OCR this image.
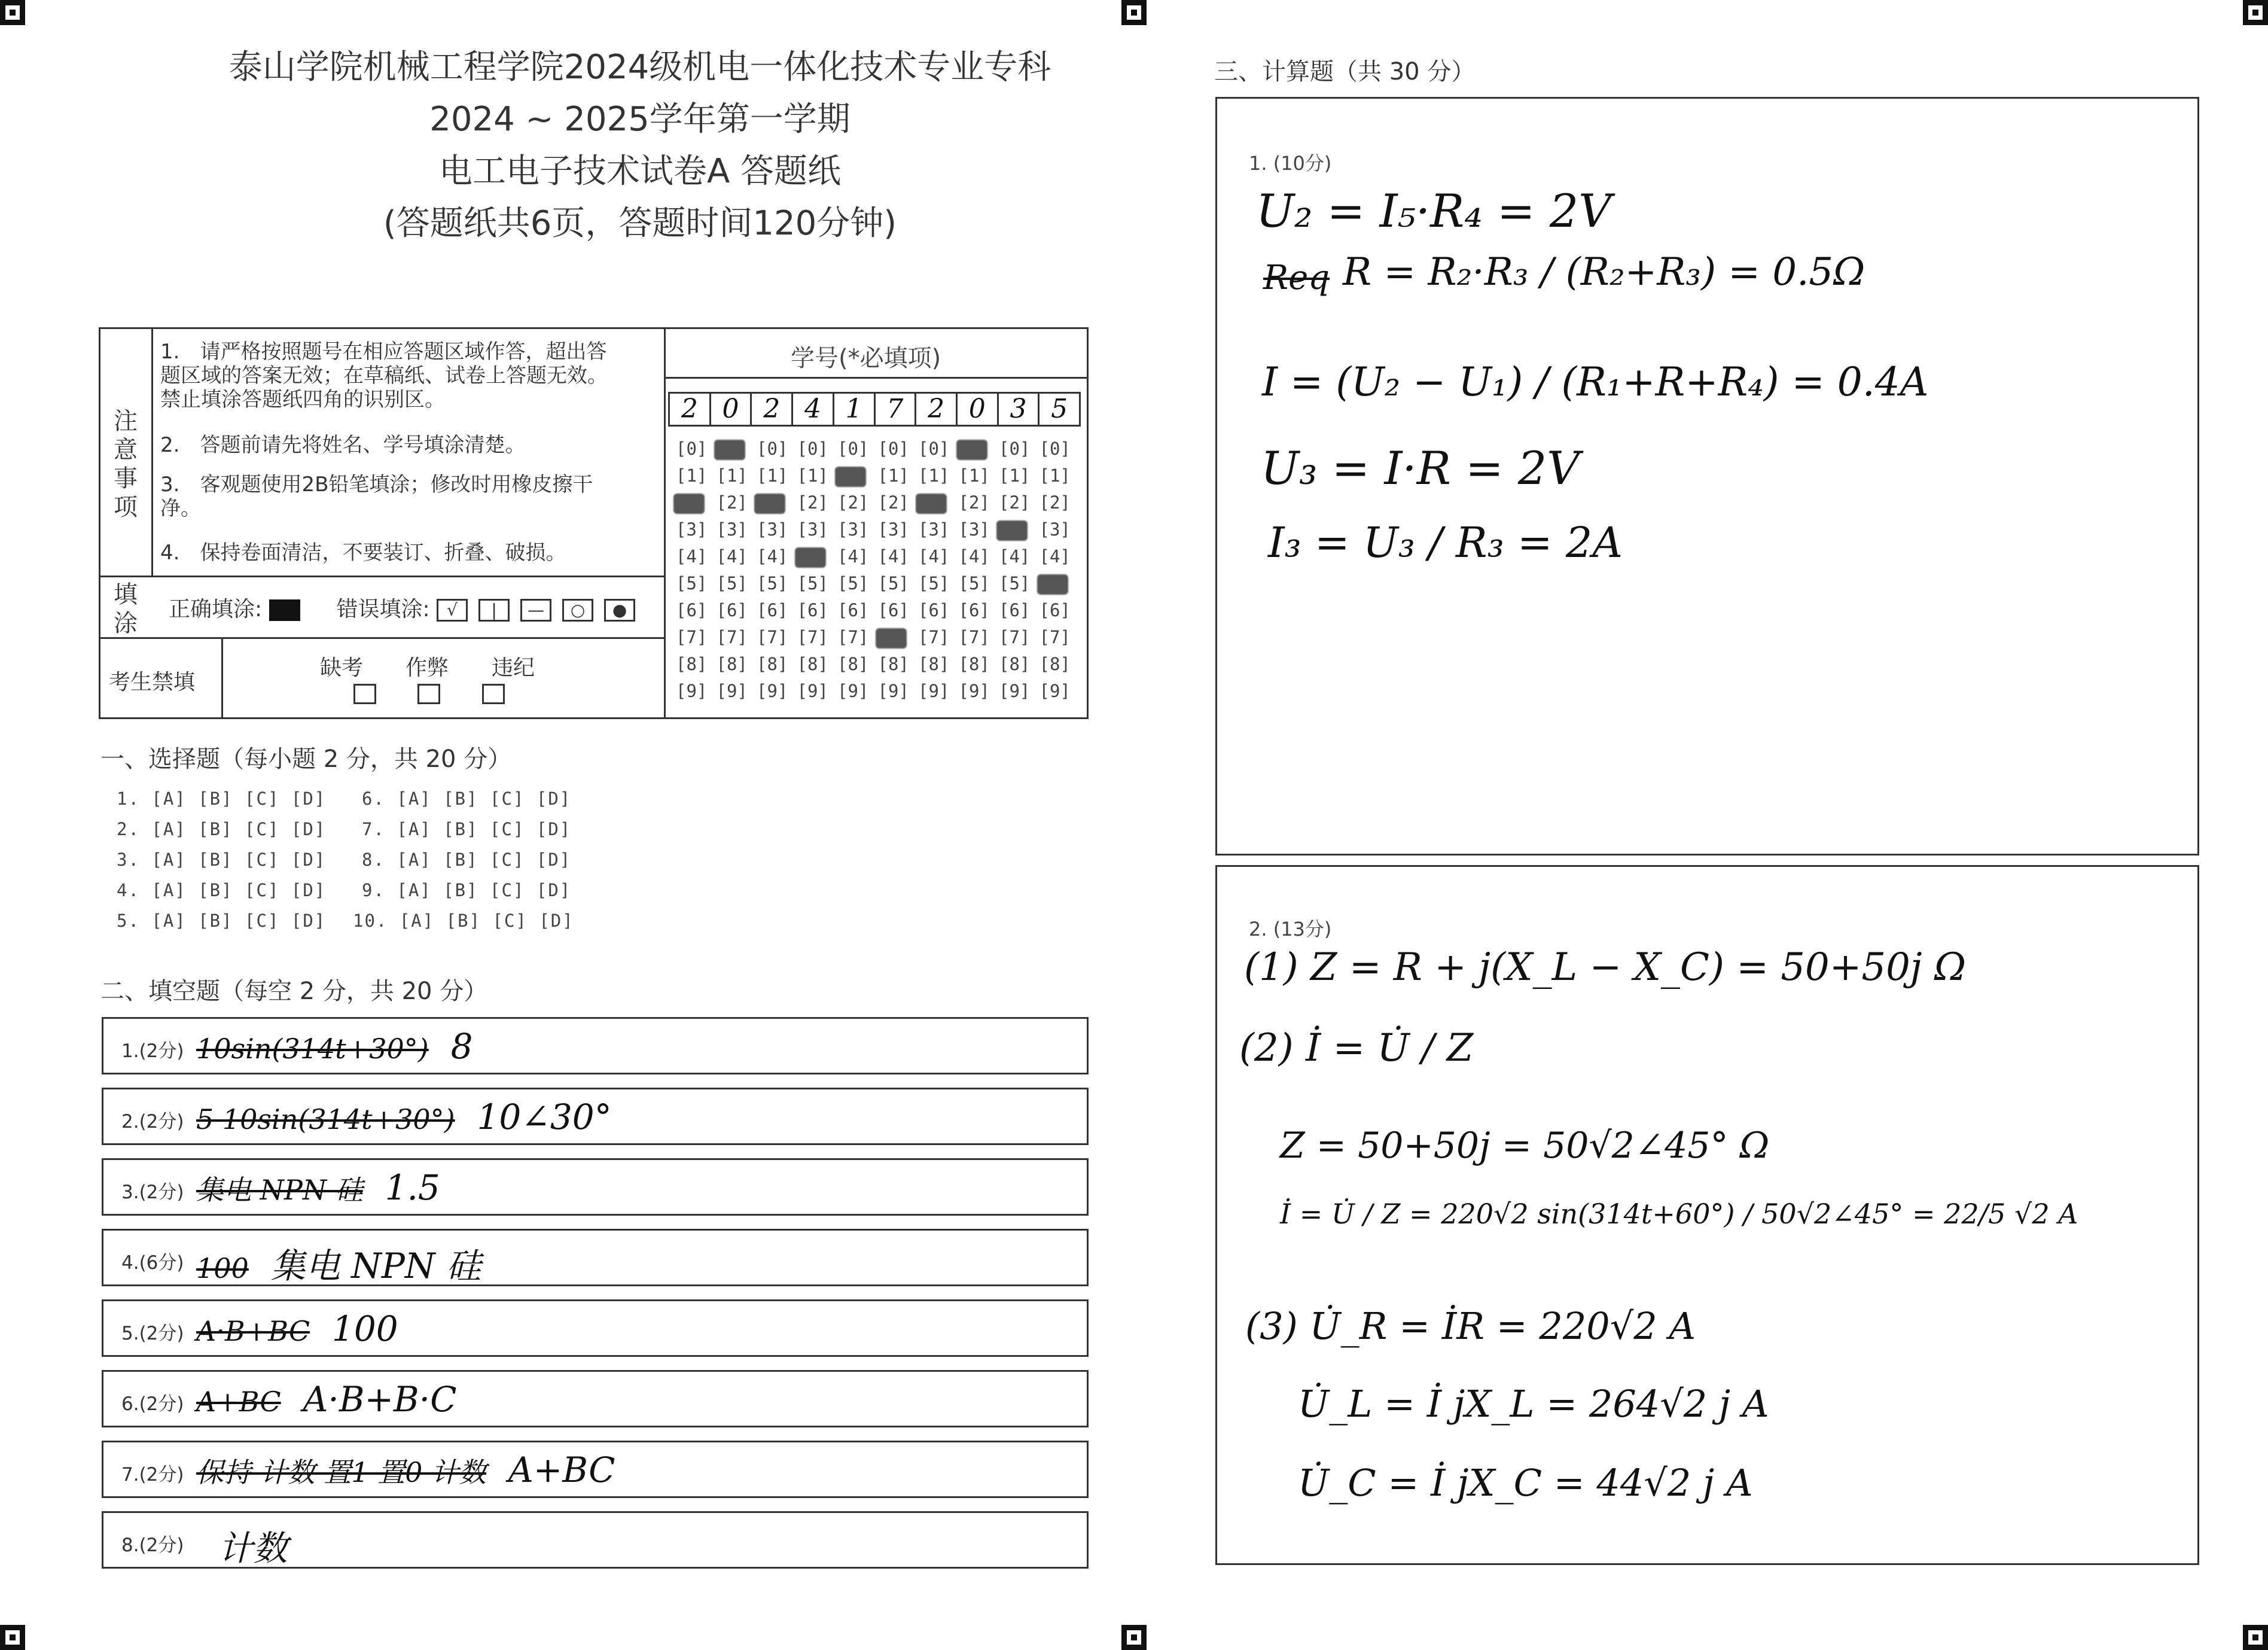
泰山学院机械工程学院2024级机电一体化技术专业专科
2024 ~ 2025学年第一学期
电工电子技术试卷A 答题纸
(答题纸共6页，答题时间120分钟)
注意事项
1.　请严格按照题号在相应答题区域作答，超出答题区域的答案无效；在草稿纸、试卷上答题无效。禁止填涂答题纸四角的识别区。
2.　答题前请先将姓名、学号填涂清楚。
3.　客观题使用2B铅笔填涂；修改时用橡皮擦干净。
4.　保持卷面清洁，不要装订、折叠、破损。
填涂
正确填涂:	错误填涂: √ | — ○ ●
考生禁填
缺考 作弊 违纪
学号(*必填项)
2 0 2 4 1 7 2 0 3 5
[0]
[1]
[3]
[4]
[5]
[6]
[7]
[8]
[9]
[1]
[2]
[3]
[4]
[5]
[6]
[7]
[8]
[9]
[0]
[1]
[3]
[4]
[5]
[6]
[7]
[8]
[9]
[0]
[1]
[2]
[3]
[5]
[6]
[7]
[8]
[9]
[0]
[2]
[3]
[4]
[5]
[6]
[7]
[8]
[9]
[0]
[1]
[2]
[3]
[4]
[5]
[6]
[8]
[9]
[0]
[1]
[3]
[4]
[5]
[6]
[7]
[8]
[9]
[1]
[2]
[3]
[4]
[5]
[6]
[7]
[8]
[9]
[0]
[1]
[2]
[4]
[5]
[6]
[7]
[8]
[9]
[0]
[1]
[2]
[3]
[4]
[6]
[7]
[8]
[9]
一、选择题（每小题 2 分，共 20 分）
1. [A] [B] [C] [D]
2. [A] [B] [C] [D]
3. [A] [B] [C] [D]
4. [A] [B] [C] [D]
5. [A] [B] [C] [D]
6. [A] [B] [C] [D]
7. [A] [B] [C] [D]
8. [A] [B] [C] [D]
9. [A] [B] [C] [D]
10. [A] [B] [C] [D]
二、填空题（每空 2 分，共 20 分）
1.(2分) 10sin(314t+30°) 8
2.(2分) 5 10sin(314t+30°) 10∠30°
3.(2分) 集电 NPN 硅 1.5
4.(6分) 100 集电 NPN 硅
5.(2分) A·B+BC 100
6.(2分) A+BC A·B+B·C
7.(2分) 保持 计数 置1 置0 计数 A+BC
8.(2分) 计数
三、计算题（共 30 分）
1. (10分)
U₂ = I₅·R₄ = 2V
Req R = R₂·R₃ / (R₂+R₃) = 0.5Ω
I = (U₂ − U₁) / (R₁+R+R₄) = 0.4A
U₃ = I·R = 2V
I₃ = U₃ / R₃ = 2A
2. (13分)
(1) Z = R + j(X_L − X_C) = 50+50j Ω
(2) İ = U̇ / Z
Z = 50+50j = 50√2∠45° Ω
İ = U̇ / Z = 220√2 sin(314t+60°) / 50√2∠45° = 22/5 √2 A
(3) U̇_R = İR = 220√2 A
U̇_L = İ jX_L = 264√2 j A
U̇_C = İ jX_C = 44√2 j A
